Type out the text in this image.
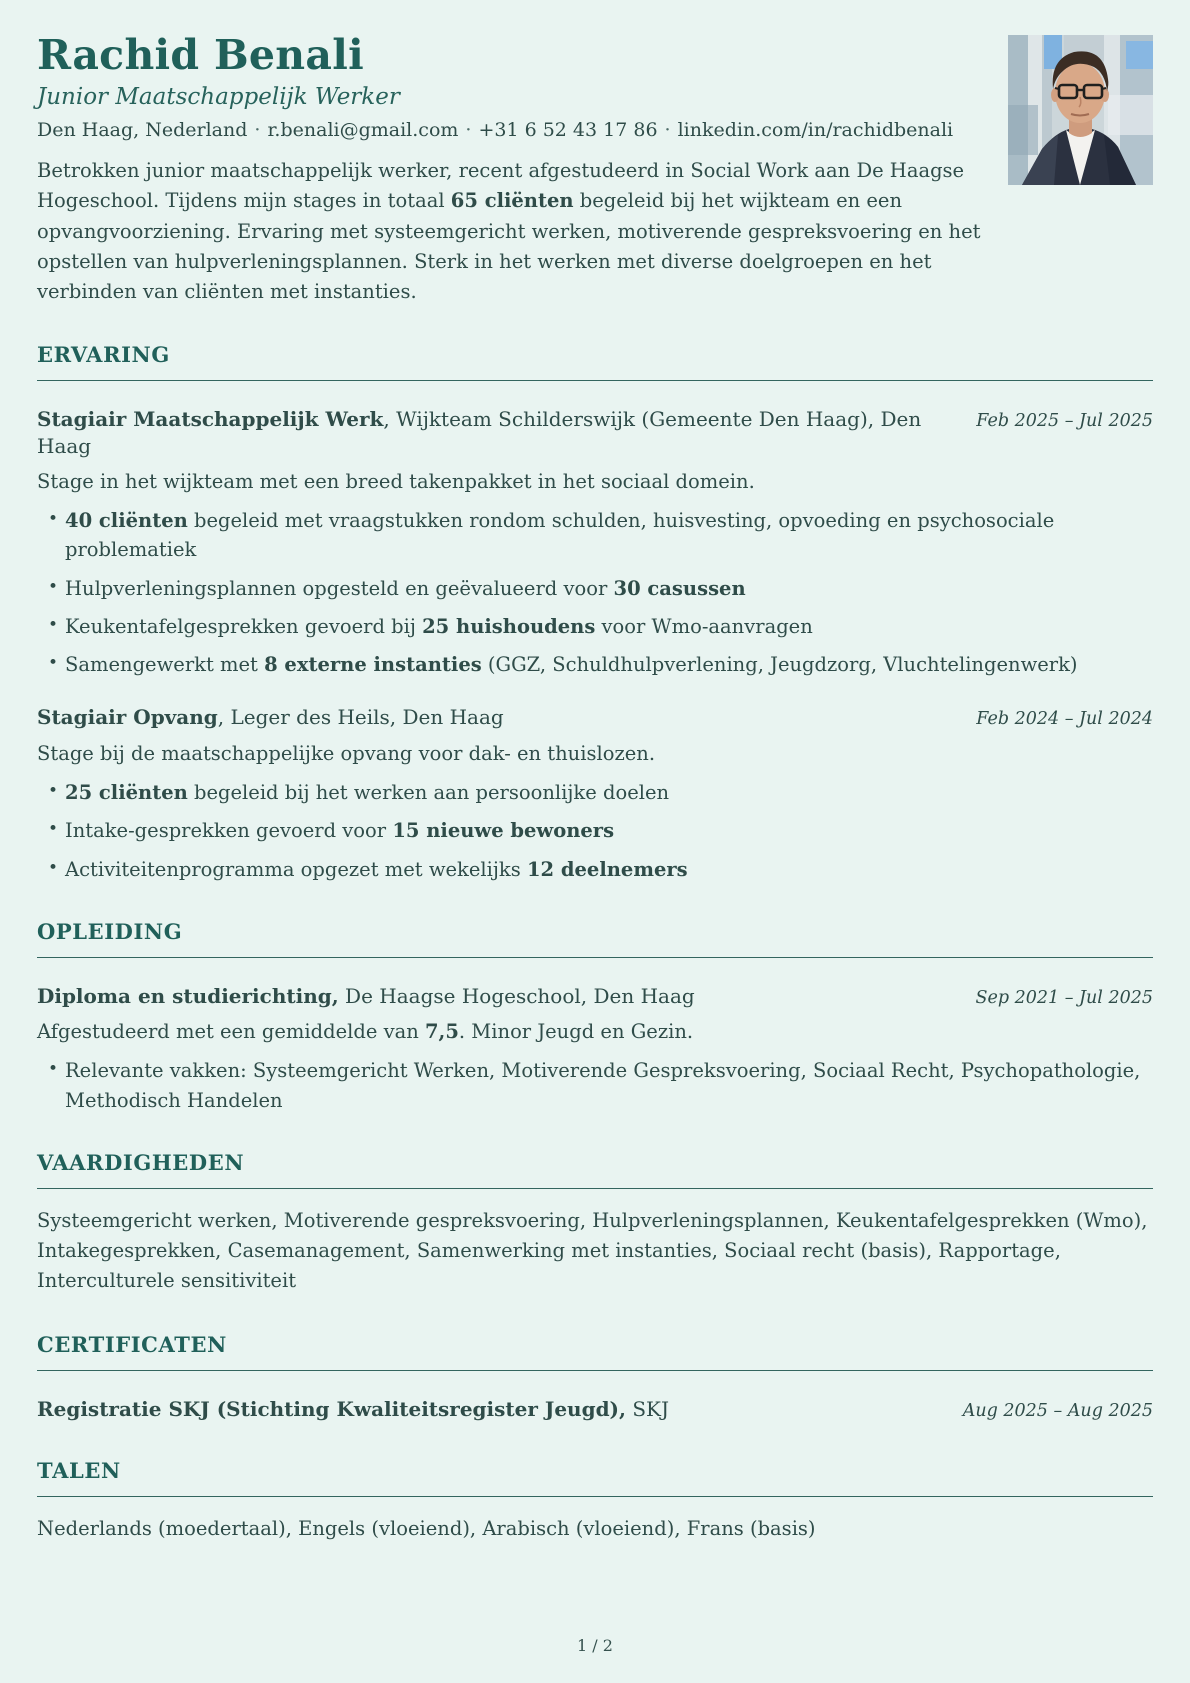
Rachid Benali
Junior Maatschappelijk Werker
Den Haag, Nederland · r.benali@gmail.com · +31 6 52 43 17 86 · linkedin.com/in/rachidbenali

Betrokken junior maatschappelijk werker, recent afgestudeerd in Social Work aan De Haagse Hogeschool. Tijdens mijn stages in totaal 65 cliënten begeleid bij het wijkteam en een opvangvoorziening. Ervaring met systeemgericht werken, motiverende gespreksvoering en het opstellen van hulpverleningsplannen. Sterk in het werken met diverse doelgroepen en het verbinden van cliënten met instanties.

ERVARING
Stagiair Maatschappelijk Werk, Wijkteam Schilderswijk (Gemeente Den Haag), Den Haag
Feb 2025 – Jul 2025

Stage in het wijkteam met een breed takenpakket in het sociaal domein.

• 40 cliënten begeleid met vraagstukken rondom schulden, huisvesting, opvoeding en psychosociale problematiek
• Hulpverleningsplannen opgesteld en geëvalueerd voor 30 casussen
• Keukentafelgesprekken gevoerd bij 25 huishoudens voor Wmo-aanvragen
• Samengewerkt met 8 externe instanties (GGZ, Schuldhulpverlening, Jeugdzorg, Vluchtelingenwerk)
Stagiair Opvang, Leger des Heils, Den Haag	Feb 2024 – Jul 2024

Stage bij de maatschappelijke opvang voor dak- en thuislozen.

• 25 cliënten begeleid bij het werken aan persoonlijke doelen
• Intake-gesprekken gevoerd voor 15 nieuwe bewoners
• Activiteitenprogramma opgezet met wekelijks 12 deelnemers
OPLEIDING
Diploma en studierichting, De Haagse Hogeschool, Den Haag	Sep 2021 – Jul 2025

Afgestudeerd met een gemiddelde van 7,5. Minor Jeugd en Gezin.

• Relevante vakken: Systeemgericht Werken, Motiverende Gespreksvoering, Sociaal Recht, Psychopathologie, Methodisch Handelen
VAARDIGHEDEN

Systeemgericht werken, Motiverende gespreksvoering, Hulpverleningsplannen, Keukentafelgesprekken (Wmo), Intakegesprekken, Casemanagement, Samenwerking met instanties, Sociaal recht (basis), Rapportage, Interculturele sensitiviteit

CERTIFICATEN
Registratie SKJ (Stichting Kwaliteitsregister Jeugd), SKJ	Aug 2025 – Aug 2025
TALEN

Nederlands (moedertaal), Engels (vloeiend), Arabisch (vloeiend), Frans (basis)

1 / 2
